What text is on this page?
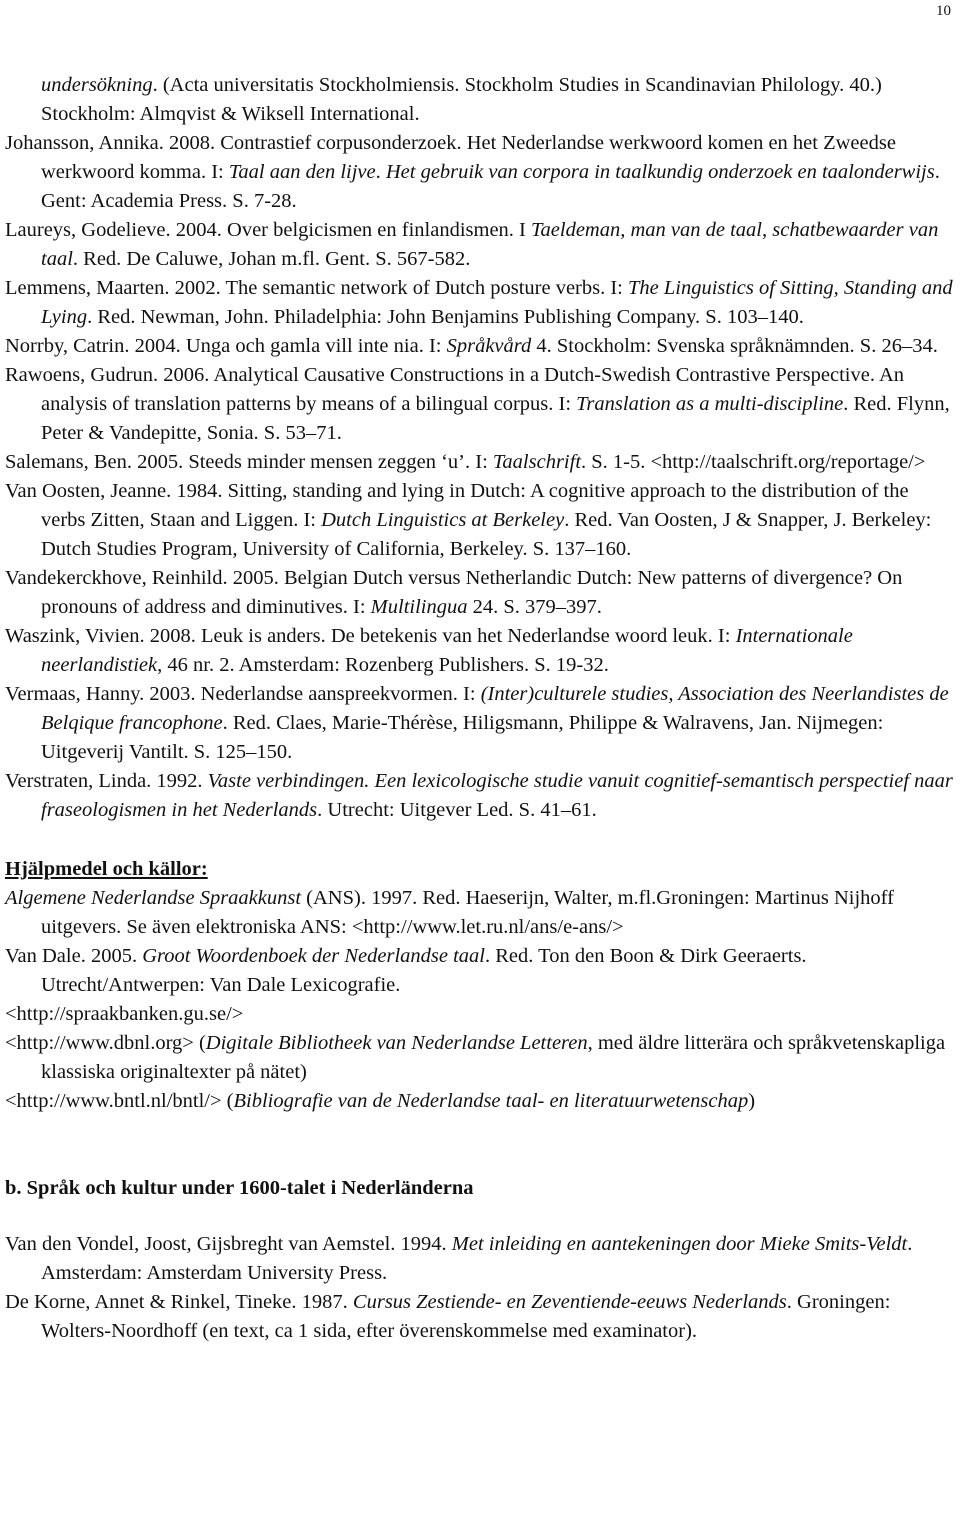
10

undersökning. (Acta universitatis Stockholmiensis. Stockholm Studies in Scandinavian Philology. 40.) Stockholm: Almqvist & Wiksell International.

Johansson, Annika. 2008. Contrastief corpusonderzoek. Het Nederlandse werkwoord komen en het Zweedse werkwoord komma. I: Taal aan den lijve. Het gebruik van corpora in taalkundig onderzoek en taalonderwijs. Gent: Academia Press. S. 7-28.

Laureys, Godelieve. 2004. Over belgicismen en finlandismen. I Taeldeman, man van de taal, schatbewaarder van taal. Red. De Caluwe, Johan m.fl. Gent. S. 567-582.

Lemmens, Maarten. 2002. The semantic network of Dutch posture verbs. I: The Linguistics of Sitting, Standing and Lying. Red. Newman, John. Philadelphia: John Benjamins Publishing Company. S. 103–140.

Norrby, Catrin. 2004. Unga och gamla vill inte nia. I: Språkvård 4. Stockholm: Svenska språknämnden. S. 26–34.

Rawoens, Gudrun. 2006. Analytical Causative Constructions in a Dutch-Swedish Contrastive Perspective. An analysis of translation patterns by means of a bilingual corpus. I: Translation as a multi-discipline. Red. Flynn, Peter & Vandepitte, Sonia. S. 53–71.

Salemans, Ben. 2005. Steeds minder mensen zeggen ‘u’. I: Taalschrift. S. 1-5. <http://taalschrift.org/reportage/>

Van Oosten, Jeanne. 1984. Sitting, standing and lying in Dutch: A cognitive approach to the distribution of the verbs Zitten, Staan and Liggen. I: Dutch Linguistics at Berkeley. Red. Van Oosten, J & Snapper, J. Berkeley: Dutch Studies Program, University of California, Berkeley. S. 137–160.

Vandekerckhove, Reinhild. 2005. Belgian Dutch versus Netherlandic Dutch: New patterns of divergence? On pronouns of address and diminutives. I: Multilingua 24. S. 379–397.

Waszink, Vivien. 2008. Leuk is anders. De betekenis van het Nederlandse woord leuk. I: Internationale neerlandistiek, 46 nr. 2. Amsterdam: Rozenberg Publishers. S. 19-32.

Vermaas, Hanny. 2003. Nederlandse aanspreekvormen. I: (Inter)culturele studies, Association des Neerlandistes de Belqique francophone. Red. Claes, Marie-Thérèse, Hiligsmann, Philippe & Walravens, Jan. Nijmegen: Uitgeverij Vantilt. S. 125–150.

Verstraten, Linda. 1992. Vaste verbindingen. Een lexicologische studie vanuit cognitief-semantisch perspectief naar fraseologismen in het Nederlands. Utrecht: Uitgever Led. S. 41–61.

Hjälpmedel och källor:

Algemene Nederlandse Spraakkunst (ANS). 1997. Red. Haeserijn, Walter, m.fl.Groningen: Martinus Nijhoff uitgevers. Se även elektroniska ANS: <http://www.let.ru.nl/ans/e-ans/>

Van Dale. 2005. Groot Woordenboek der Nederlandse taal. Red. Ton den Boon & Dirk Geeraerts. Utrecht/Antwerpen: Van Dale Lexicografie.

<http://spraakbanken.gu.se/>

<http://www.dbnl.org> (Digitale Bibliotheek van Nederlandse Letteren, med äldre litterära och språkvetenskapliga klassiska originaltexter på nätet)

<http://www.bntl.nl/bntl/> (Bibliografie van de Nederlandse taal- en literatuurwetenschap)

b. Språk och kultur under 1600-talet i Nederländerna

Van den Vondel, Joost, Gijsbreght van Aemstel. 1994. Met inleiding en aantekeningen door Mieke Smits-Veldt. Amsterdam: Amsterdam University Press.

De Korne, Annet & Rinkel, Tineke. 1987. Cursus Zestiende- en Zeventiende-eeuws Nederlands. Groningen: Wolters-Noordhoff (en text, ca 1 sida, efter överenskommelse med examinator).
